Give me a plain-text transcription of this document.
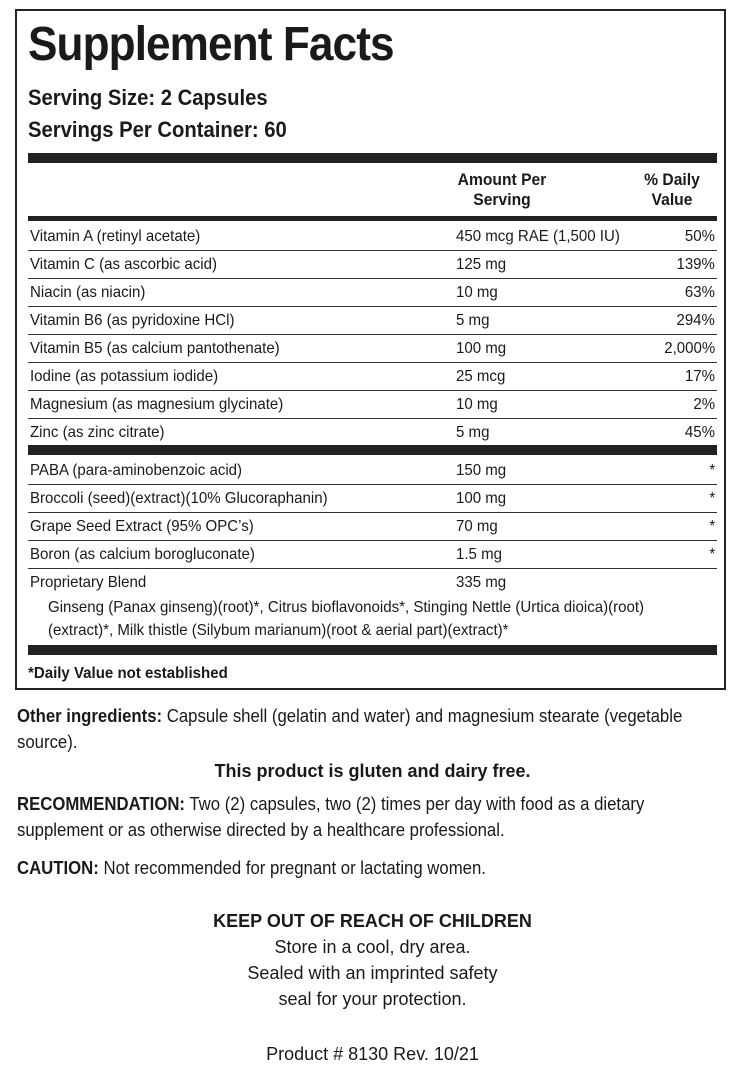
Supplement Facts
Serving Size: 2 Capsules
Servings Per Container: 60
Amount Per
Serving
% Daily
Value
Vitamin A (retinyl acetate)	450 mcg RAE (1,500 IU)	50%
Vitamin C (as ascorbic acid)	125 mg	139%
Niacin (as niacin)	10 mg	63%
Vitamin B6 (as pyridoxine HCl)	5 mg	294%
Vitamin B5 (as calcium pantothenate)	100 mg	2,000%
Iodine (as potassium iodide)	25 mcg	17%
Magnesium (as magnesium glycinate)	10 mg	2%
Zinc (as zinc citrate)	5 mg	45%
PABA (para-aminobenzoic acid)	150 mg	*
Broccoli (seed)(extract)(10% Glucoraphanin)	100 mg	*
Grape Seed Extract (95% OPC’s)	70 mg	*
Boron (as calcium borogluconate)	1.5 mg	*
Proprietary Blend	335 mg
Ginseng (Panax ginseng)(root)*, Citrus bioflavonoids*, Stinging Nettle (Urtica dioica)(root)
(extract)*, Milk thistle (Silybum marianum)(root & aerial part)(extract)*
*Daily Value not established
Other ingredients: Capsule shell (gelatin and water) and magnesium stearate (vegetable source).
This product is gluten and dairy free.
RECOMMENDATION: Two (2) capsules, two (2) times per day with food as a dietary supplement or as otherwise directed by a healthcare professional.
CAUTION: Not recommended for pregnant or lactating women.
KEEP OUT OF REACH OF CHILDREN
Store in a cool, dry area.
Sealed with an imprinted safety
seal for your protection.
Product # 8130 Rev. 10/21
